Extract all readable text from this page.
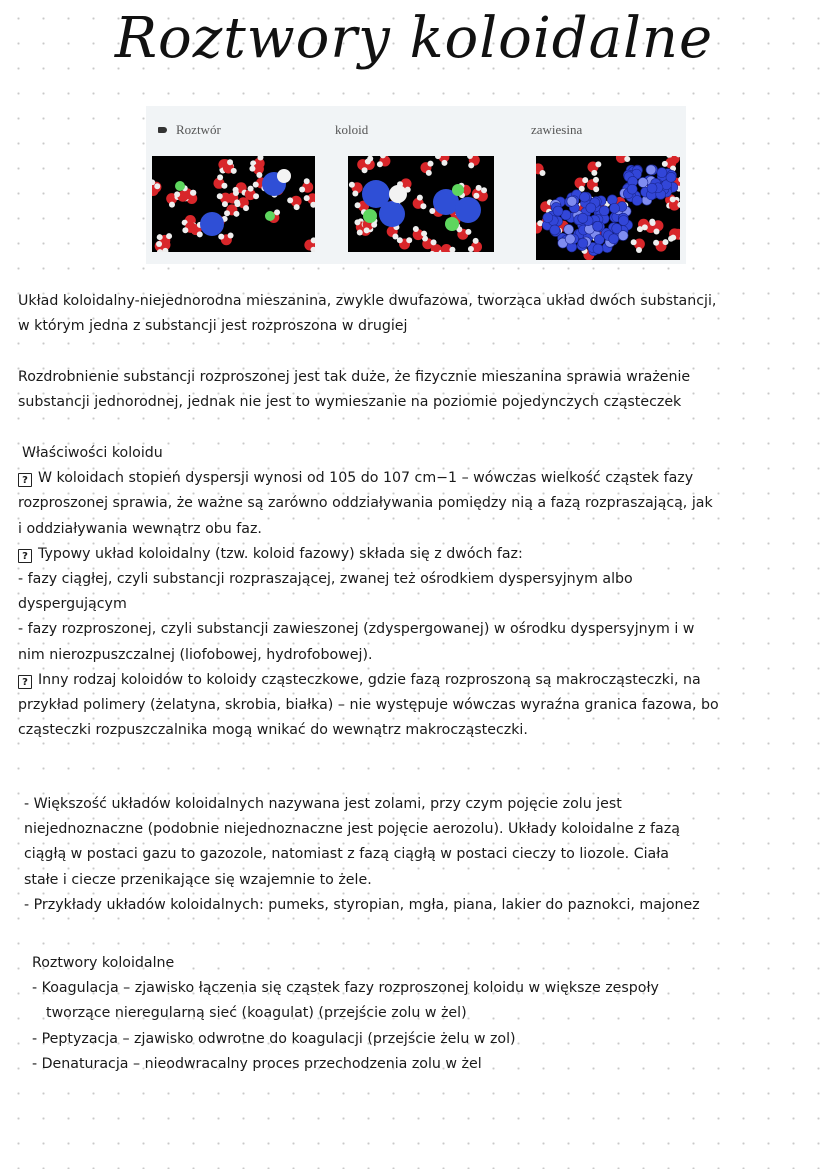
Roztwory koloidalne
Roztwór	koloid	zawiesina

Układ koloidalny-niejednorodna mieszanina, zwykle dwufazowa, tworząca układ dwóch substancji,

w którym jedna z substancji jest rozproszona w drugiej

Rozdrobnienie substancji rozproszonej jest tak duże, że fizycznie mieszanina sprawia wrażenie

substancji jednorodnej, jednak nie jest to wymieszanie na poziomie pojedynczych cząsteczek

Właściwości koloidu

? W koloidach stopień dyspersji wynosi od 105 do 107 cm−1 – wówczas wielkość cząstek fazy

rozproszonej sprawia, że ważne są zarówno oddziaływania pomiędzy nią a fazą rozpraszającą, jak

i oddziaływania wewnątrz obu faz.

? Typowy układ koloidalny (tzw. koloid fazowy) składa się z dwóch faz:

- fazy ciągłej, czyli substancji rozpraszającej, zwanej też ośrodkiem dyspersyjnym albo

dyspergującym

- fazy rozproszonej, czyli substancji zawieszonej (zdyspergowanej) w ośrodku dyspersyjnym i w

nim nierozpuszczalnej (liofobowej, hydrofobowej).

? Inny rodzaj koloidów to koloidy cząsteczkowe, gdzie fazą rozproszoną są makrocząsteczki, na

przykład polimery (żelatyna, skrobia, białka) – nie występuje wówczas wyraźna granica fazowa, bo

cząsteczki rozpuszczalnika mogą wnikać do wewnątrz makrocząsteczki.

- Większość układów koloidalnych nazywana jest zolami, przy czym pojęcie zolu jest

niejednoznaczne (podobnie niejednoznaczne jest pojęcie aerozolu). Układy koloidalne z fazą

ciągłą w postaci gazu to gazozole, natomiast z fazą ciągłą w postaci cieczy to liozole. Ciała

stałe i ciecze przenikające się wzajemnie to żele.

- Przykłady układów koloidalnych: pumeks, styropian, mgła, piana, lakier do paznokci, majonez

Roztwory koloidalne

- Koagulacja – zjawisko łączenia się cząstek fazy rozproszonej koloidu w większe zespoły

tworzące nieregularną sieć (koagulat) (przejście zolu w żel)

- Peptyzacja – zjawisko odwrotne do koagulacji (przejście żelu w zol)

- Denaturacja – nieodwracalny proces przechodzenia zolu w żel
